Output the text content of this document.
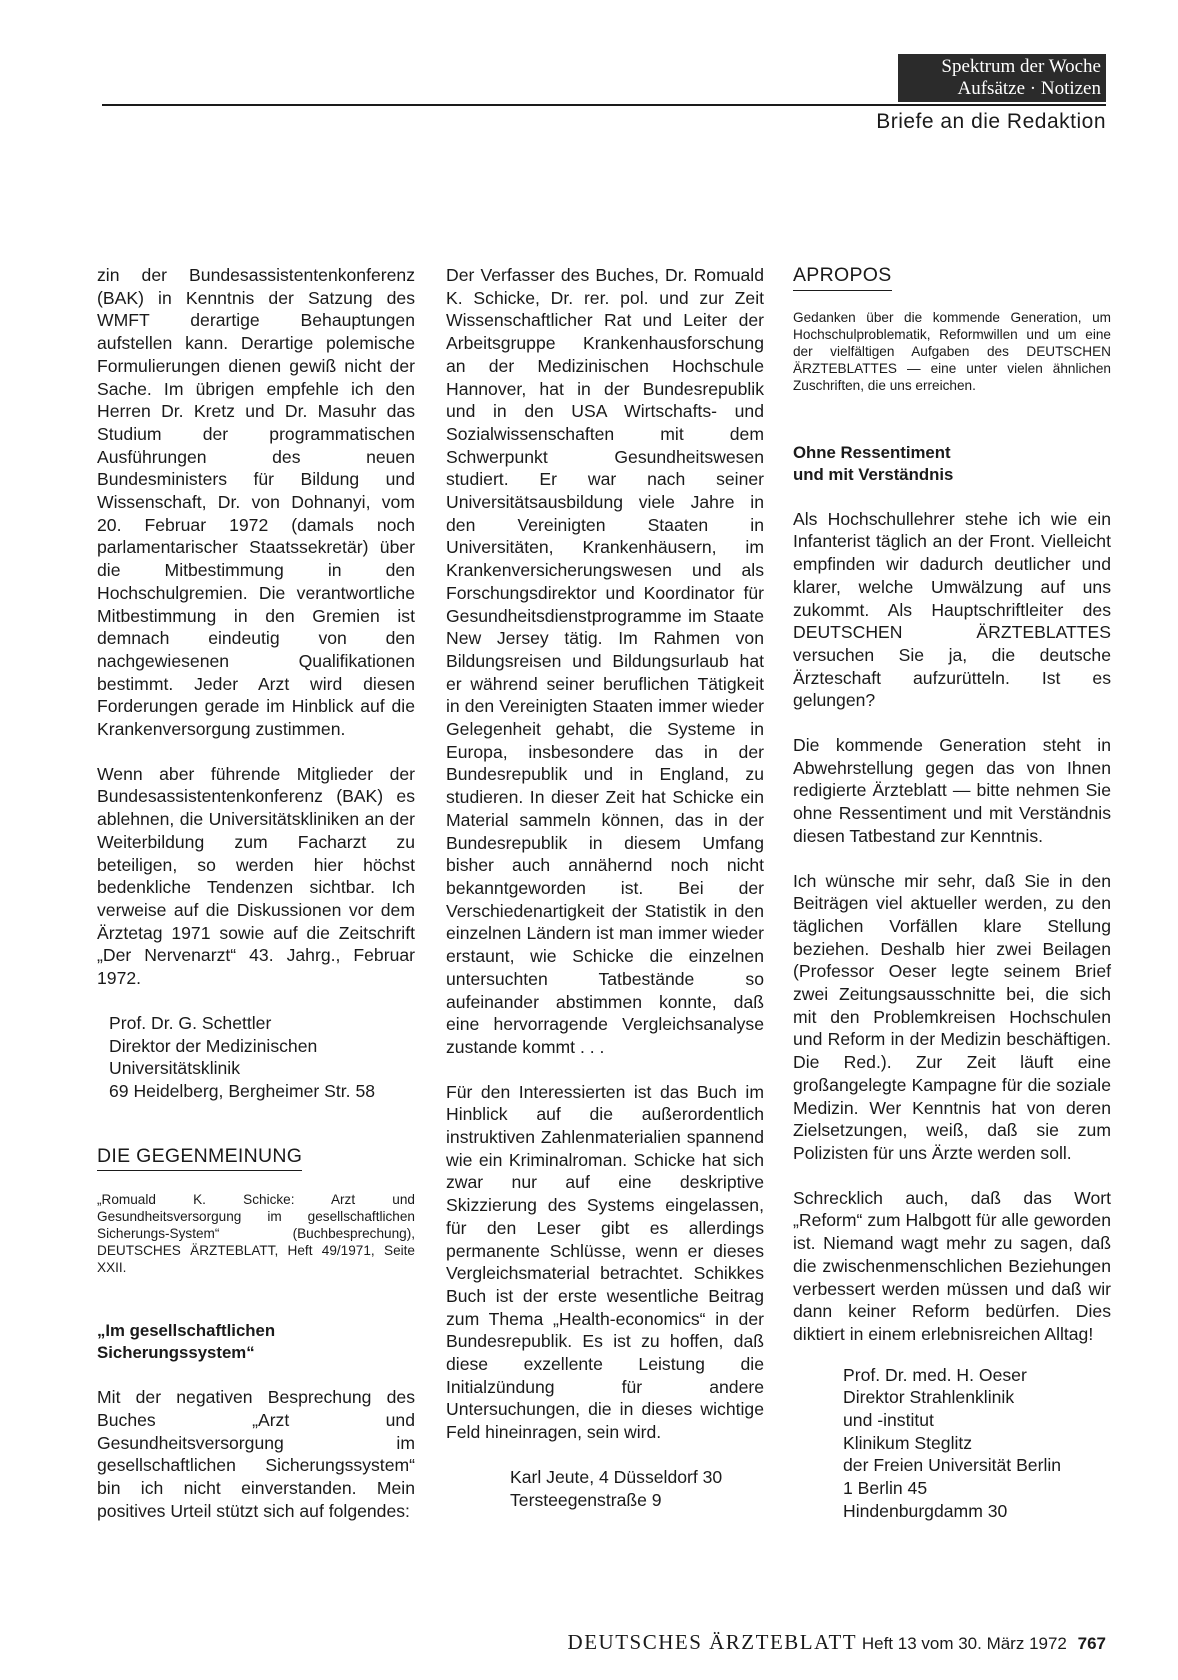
Spektrum der Woche
Aufsätze · Notizen
Briefe an die Redaktion

zin der Bundesassistentenkonferenz (BAK) in Kenntnis der Satzung des WMFT derartige Behauptungen aufstellen kann. Derartige polemische Formulierungen dienen gewiß nicht der Sache. Im übrigen empfehle ich den Herren Dr. Kretz und Dr. Masuhr das Studium der programmatischen Ausführungen des neuen Bundesministers für Bildung und Wissenschaft, Dr. von Dohnanyi, vom 20. Februar 1972 (damals noch parlamentarischer Staatssekretär) über die Mitbestimmung in den Hochschulgremien. Die verantwortliche Mitbestimmung in den Gremien ist demnach eindeutig von den nachgewiesenen Qualifikationen bestimmt. Jeder Arzt wird diesen Forderungen gerade im Hinblick auf die Krankenversorgung zustimmen.

Wenn aber führende Mitglieder der Bundesassistentenkonferenz (BAK) es ablehnen, die Universitätskliniken an der Weiterbildung zum Facharzt zu beteiligen, so werden hier höchst bedenkliche Tendenzen sichtbar. Ich verweise auf die Diskussionen vor dem Ärztetag 1971 sowie auf die Zeitschrift „Der Nervenarzt“ 43. Jahrg., Februar 1972.

Prof. Dr. G. Schettler

Direktor der Medizinischen

Universitätsklinik

69 Heidelberg, Bergheimer Str. 58

DIE GEGENMEINUNG

„Romuald K. Schicke: Arzt und Gesundheitsversorgung im gesellschaftlichen Sicherungs-System“ (Buchbesprechung), DEUTSCHES ÄRZTEBLATT, Heft 49/1971, Seite XXII.

„Im gesellschaftlichen

Sicherungssystem“

Mit der negativen Besprechung des Buches „Arzt und Gesundheitsversorgung im gesellschaftlichen Sicherungssystem“ bin ich nicht einverstanden. Mein positives Urteil stützt sich auf folgendes:

Der Verfasser des Buches, Dr. Romuald K. Schicke, Dr. rer. pol. und zur Zeit Wissenschaftlicher Rat und Leiter der Arbeitsgruppe Krankenhausforschung an der Medizinischen Hochschule Hannover, hat in der Bundesrepublik und in den USA Wirtschafts- und Sozialwissenschaften mit dem Schwerpunkt Gesundheitswesen studiert. Er war nach seiner Universitätsausbildung viele Jahre in den Vereinigten Staaten in Universitäten, Krankenhäusern, im Krankenversicherungswesen und als Forschungsdirektor und Koordinator für Gesundheitsdienstprogramme im Staate New Jersey tätig. Im Rahmen von Bildungsreisen und Bildungsurlaub hat er während seiner beruflichen Tätigkeit in den Vereinigten Staaten immer wieder Gelegenheit gehabt, die Systeme in Europa, insbesondere das in der Bundesrepublik und in England, zu studieren. In dieser Zeit hat Schicke ein Material sammeln können, das in der Bundesrepublik in diesem Umfang bisher auch annähernd noch nicht bekanntgeworden ist. Bei der Verschiedenartigkeit der Statistik in den einzelnen Ländern ist man immer wieder erstaunt, wie Schicke die einzelnen untersuchten Tatbestände so aufeinander abstimmen konnte, daß eine hervorragende Vergleichsanalyse zustande kommt . . .

Für den Interessierten ist das Buch im Hinblick auf die außerordentlich instruktiven Zahlenmaterialien spannend wie ein Kriminalroman. Schicke hat sich zwar nur auf eine deskriptive Skizzierung des Systems eingelassen, für den Leser gibt es allerdings permanente Schlüsse, wenn er dieses Vergleichsmaterial betrachtet. Schikkes Buch ist der erste wesentliche Beitrag zum Thema „Health-economics“ in der Bundesrepublik. Es ist zu hoffen, daß diese exzellente Leistung die Initialzündung für andere Untersuchungen, die in dieses wichtige Feld hineinragen, sein wird.

Karl Jeute, 4 Düsseldorf 30

Tersteegenstraße 9

APROPOS

Gedanken über die kommende Generation, um Hochschulproblematik, Reformwillen und um eine der vielfältigen Aufgaben des DEUTSCHEN ÄRZTEBLATTES — eine unter vielen ähnlichen Zuschriften, die uns erreichen.

Ohne Ressentiment

und mit Verständnis

Als Hochschullehrer stehe ich wie ein Infanterist täglich an der Front. Vielleicht empfinden wir dadurch deutlicher und klarer, welche Umwälzung auf uns zukommt. Als Hauptschriftleiter des DEUTSCHEN ÄRZTEBLATTES versuchen Sie ja, die deutsche Ärzteschaft aufzurütteln. Ist es gelungen?

Die kommende Generation steht in Abwehrstellung gegen das von Ihnen redigierte Ärzteblatt — bitte nehmen Sie ohne Ressentiment und mit Verständnis diesen Tatbestand zur Kenntnis.

Ich wünsche mir sehr, daß Sie in den Beiträgen viel aktueller werden, zu den täglichen Vorfällen klare Stellung beziehen. Deshalb hier zwei Beilagen (Professor Oeser legte seinem Brief zwei Zeitungsausschnitte bei, die sich mit den Problemkreisen Hochschulen und Reform in der Medizin beschäftigen. Die Red.). Zur Zeit läuft eine großangelegte Kampagne für die soziale Medizin. Wer Kenntnis hat von deren Zielsetzungen, weiß, daß sie zum Polizisten für uns Ärzte werden soll.

Schrecklich auch, daß das Wort „Reform“ zum Halbgott für alle geworden ist. Niemand wagt mehr zu sagen, daß die zwischenmenschlichen Beziehungen verbessert werden müssen und daß wir dann keiner Reform bedürfen. Dies diktiert in einem erlebnisreichen Alltag!

Prof. Dr. med. H. Oeser

Direktor Strahlenklinik

und -institut

Klinikum Steglitz

der Freien Universität Berlin

1 Berlin 45

Hindenburgdamm 30

DEUTSCHES ÄRZTEBLATT Heft 13 vom 30. März 1972 767
